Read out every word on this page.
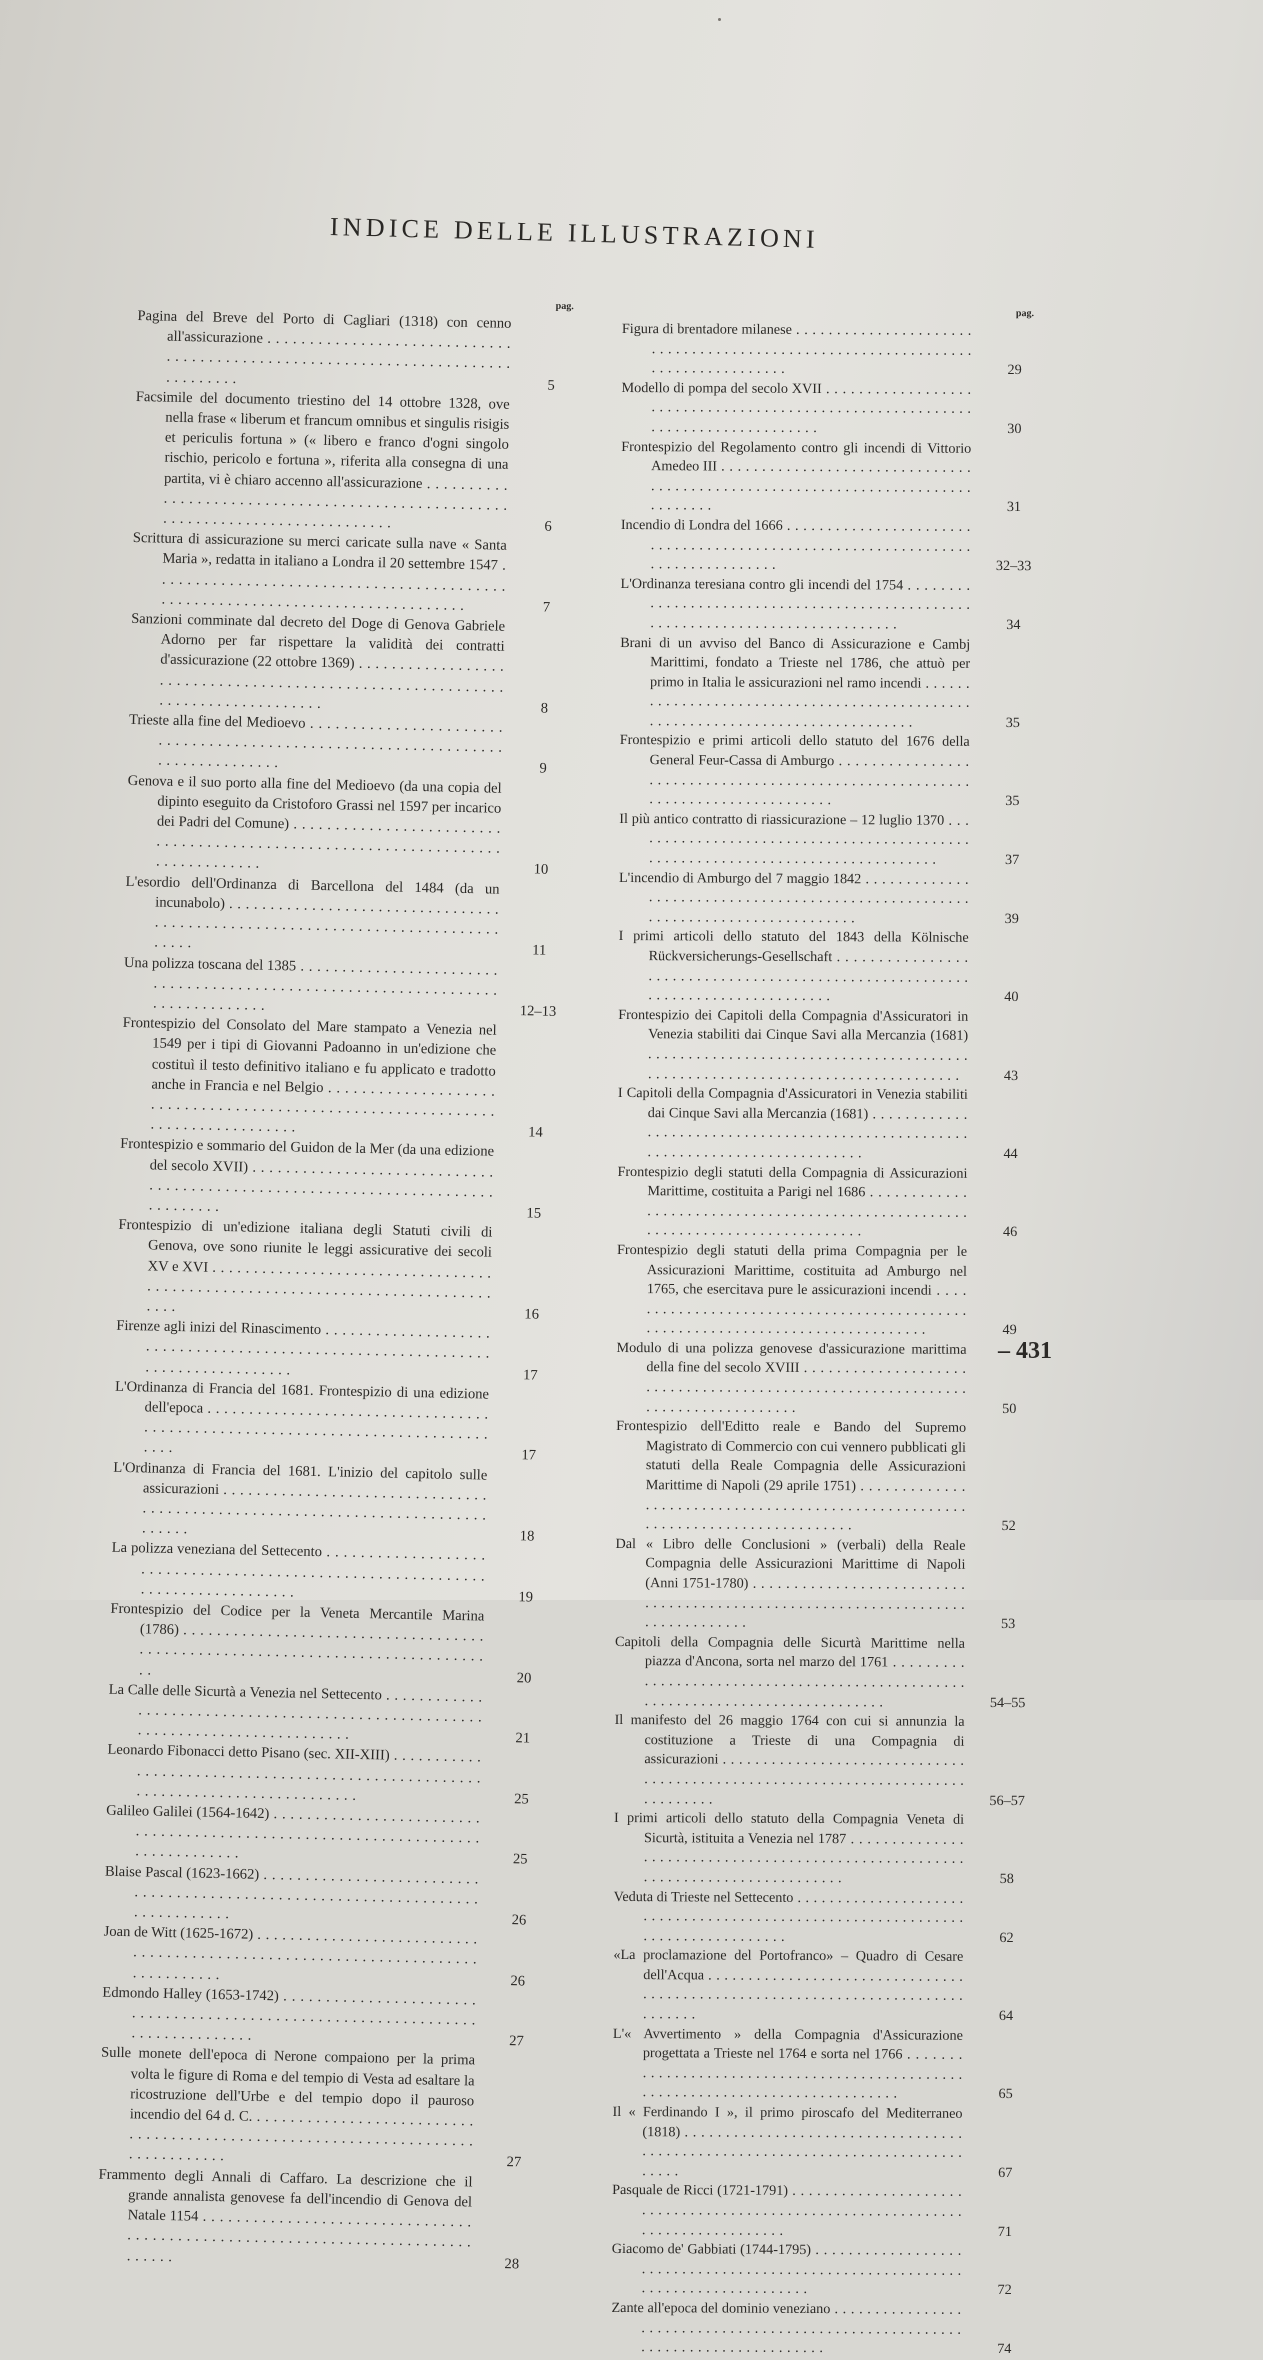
INDICE DELLE ILLUSTRAZIONI
pag.
Pagina del Breve del Porto di Cagliari (1318) con cenno all'assicurazione . . .
5
Facsimile del documento triestino del 14 ottobre 1328, ove nella frase « liberum et francum omnibus et singulis risigis et periculis fortuna » (« libero e franco d'ogni singolo rischio, pericolo e fortuna », riferita alla consegna di una partita, vi è chiaro accenno all'assicurazione . . .
6
Scrittura di assicurazione su merci caricate sulla nave « Santa Maria », redatta in italiano a Londra il 20 settembre 1547 . . .
7
Sanzioni comminate dal decreto del Doge di Genova Gabriele Adorno per far rispettare la validità dei contratti d'assicurazione (22 ottobre 1369) . . .
8
Trieste alla fine del Medioevo . . .
9
Genova e il suo porto alla fine del Medioevo (da una copia del dipinto eseguito da Cristoforo Grassi nel 1597 per incarico dei Padri del Comune) . . .
10
L'esordio dell'Ordinanza di Barcellona del 1484 (da un incunabolo) . . .
11
Una polizza toscana del 1385 . . .
12–13
Frontespizio del Consolato del Mare stampato a Venezia nel 1549 per i tipi di Giovanni Padoanno in un'edizione che costituì il testo definitivo italiano e fu applicato e tradotto anche in Francia e nel Belgio . . .
14
Frontespizio e sommario del Guidon de la Mer (da una edizione del secolo XVII) . . .
15
Frontespizio di un'edizione italiana degli Statuti civili di Genova, ove sono riunite le leggi assicurative dei secoli XV e XVI . . .
16
Firenze agli inizi del Rinascimento . . .
17
L'Ordinanza di Francia del 1681. Frontespizio di una edizione dell'epoca . . .
17
L'Ordinanza di Francia del 1681. L'inizio del capitolo sulle assicurazioni . . .
18
La polizza veneziana del Settecento . . .
19
Frontespizio del Codice per la Veneta Mercantile Marina (1786) . . .
20
La Calle delle Sicurtà a Venezia nel Settecento . . .
21
Leonardo Fibonacci detto Pisano (sec. XII-XIII) . . .
25
Galileo Galilei (1564-1642) . . .
25
Blaise Pascal (1623-1662) . . .
26
Joan de Witt (1625-1672) . . .
26
Edmondo Halley (1653-1742) . . .
27
Sulle monete dell'epoca di Nerone compaiono per la prima volta le figure di Roma e del tempio di Vesta ad esaltare la ricostruzione dell'Urbe e del tempio dopo il pauroso incendio del 64 d. C. . . .
27
Frammento degli Annali di Caffaro. La descrizione che il grande annalista genovese fa dell'incendio di Genova del Natale 1154 . . .
28
pag.
Figura di brentadore milanese . . .
29
Modello di pompa del secolo XVII . . .
30
Frontespizio del Regolamento contro gli incendi di Vittorio Amedeo III . . .
31
Incendio di Londra del 1666 . . .
32–33
L'Ordinanza teresiana contro gli incendi del 1754 . . .
34
Brani di un avviso del Banco di Assicurazione e Cambj Marittimi, fondato a Trieste nel 1786, che attuò per primo in Italia le assicurazioni nel ramo incendi . . .
35
Frontespizio e primi articoli dello statuto del 1676 della General Feur-Cassa di Amburgo . . .
35
Il più antico contratto di riassicurazione – 12 luglio 1370 . . .
37
L'incendio di Amburgo del 7 maggio 1842 . . .
39
I primi articoli dello statuto del 1843 della Kölnische Rückversicherungs-Gesellschaft . . .
40
Frontespizio dei Capitoli della Compagnia d'Assicuratori in Venezia stabiliti dai Cinque Savi alla Mercanzia (1681) . . .
43
I Capitoli della Compagnia d'Assicuratori in Venezia stabiliti dai Cinque Savi alla Mercanzia (1681) . . .
44
Frontespizio degli statuti della Compagnia di Assicurazioni Marittime, costituita a Parigi nel 1686 . . .
46
Frontespizio degli statuti della prima Compagnia per le Assicurazioni Marittime, costituita ad Amburgo nel 1765, che esercitava pure le assicurazioni incendi . . .
49
Modulo di una polizza genovese d'assicurazione marittima della fine del secolo XVIII . . .
50
Frontespizio dell'Editto reale e Bando del Supremo Magistrato di Commercio con cui vennero pubblicati gli statuti della Reale Compagnia delle Assicurazioni Marittime di Napoli (29 aprile 1751) . . .
52
Dal « Libro delle Conclusioni » (verbali) della Reale Compagnia delle Assicurazioni Marittime di Napoli (Anni 1751-1780) . . .
53
Capitoli della Compagnia delle Sicurtà Marittime nella piazza d'Ancona, sorta nel marzo del 1761 . . .
54–55
Il manifesto del 26 maggio 1764 con cui si annunzia la costituzione a Trieste di una Compagnia di assicurazioni . . .
56–57
I primi articoli dello statuto della Compagnia Veneta di Sicurtà, istituita a Venezia nel 1787 . . .
58
Veduta di Trieste nel Settecento . . .
62
«La proclamazione del Portofranco» – Quadro di Cesare dell'Acqua . . .
64
L'« Avvertimento » della Compagnia d'Assicurazione progettata a Trieste nel 1764 e sorta nel 1766 . . .
65
Il « Ferdinando I », il primo piroscafo del Mediterraneo (1818) . . .
67
Pasquale de Ricci (1721-1791) . . .
71
Giacomo de' Gabbiati (1744-1795) . . .
72
Zante all'epoca del dominio veneziano . . .
74
– 431
